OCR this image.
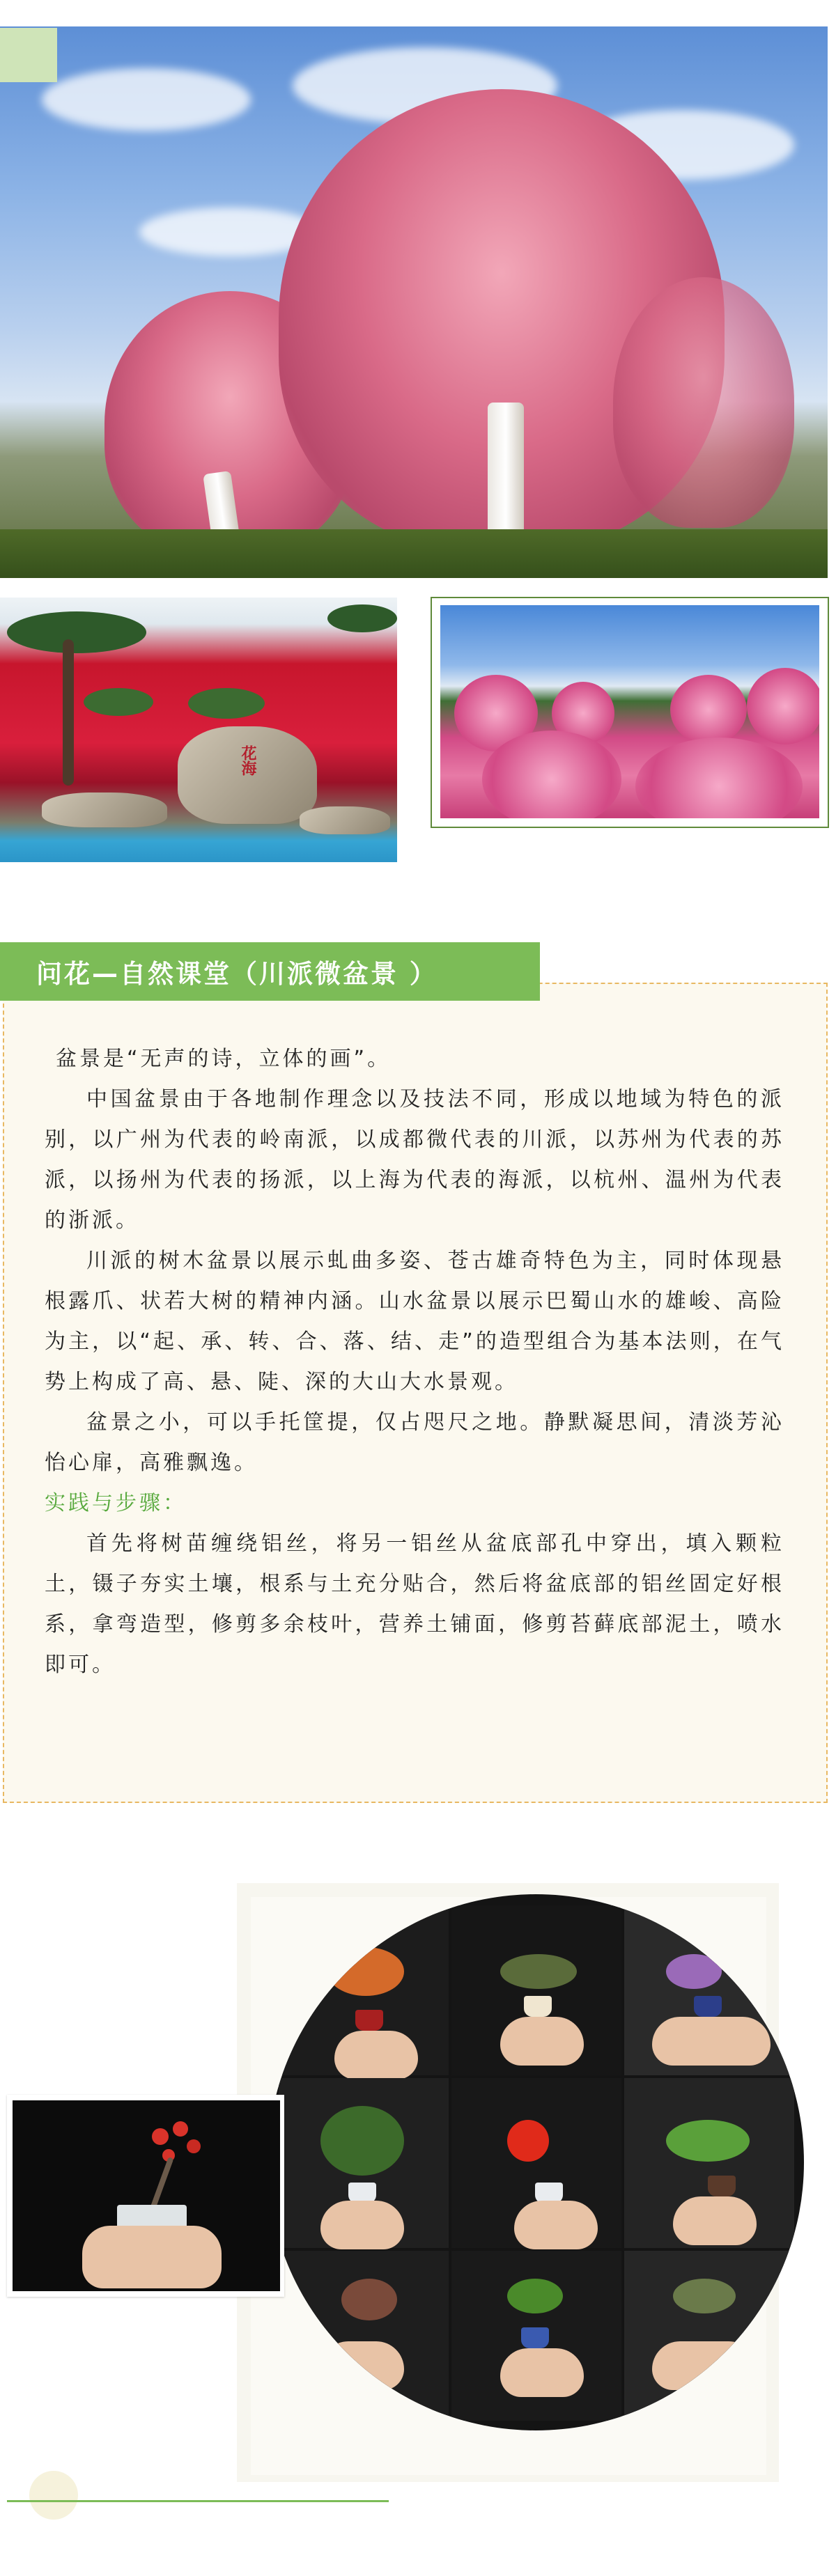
花海
问花—自然课堂（川派微盆景 ）

盆景是“无声的诗，立体的画”。

中国盆景由于各地制作理念以及技法不同，形成以地域为特色的派别，以广州为代表的岭南派，以成都微代表的川派，以苏州为代表的苏派，以扬州为代表的扬派，以上海为代表的海派，以杭州、温州为代表的浙派。

川派的树木盆景以展示虬曲多姿、苍古雄奇特色为主，同时体现悬根露爪、状若大树的精神内涵。山水盆景以展示巴蜀山水的雄峻、高险为主，以“起、承、转、合、落、结、走”的造型组合为基本法则，在气势上构成了高、悬、陡、深的大山大水景观。

盆景之小，可以手托筐提，仅占咫尺之地。静默凝思间，清淡芳沁怡心扉，高雅飘逸。

实践与步骤：

首先将树苗缠绕铝丝，将另一铝丝从盆底部孔中穿出，填入颗粒土，镊子夯实土壤，根系与土充分贴合，然后将盆底部的铝丝固定好根系，拿弯造型，修剪多余枝叶，营养土铺面，修剪苔藓底部泥土，喷水即可。
